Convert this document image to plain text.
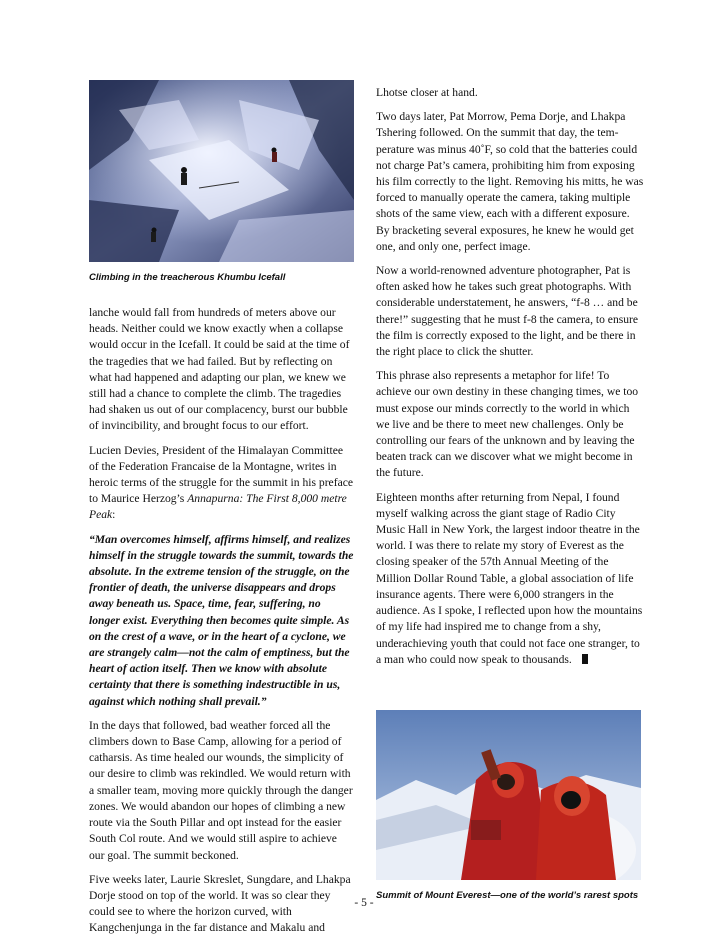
Climbing in the treacherous Khumbu Icefall

lanche would fall from hundreds of meters above our heads. Neither could we know exactly when a collapse would occur in the Icefall. It could be said at the time of the tragedies that we had failed. But by reflecting on what had happened and adapting our plan, we knew we still had a chance to complete the climb. The tragedies had shaken us out of our complacency, burst our bubble of invincibility, and brought focus to our effort.

Lucien Devies, President of the Himalayan Committee of the Federation Francaise de la Montagne, writes in heroic terms of the struggle for the summit in his preface to Maurice Herzog’s Annapurna: The First 8,000 metre Peak:

“Man overcomes himself, affirms himself, and realizes himself in the struggle towards the summit, towards the absolute. In the extreme tension of the struggle, on the frontier of death, the universe disappears and drops away beneath us. Space, time, fear, suffering, no longer exist. Everything then becomes quite simple. As on the crest of a wave, or in the heart of a cyclone, we are strangely calm—not the calm of emptiness, but the heart of action itself. Then we know with absolute certainty that there is something indestructible in us, against which nothing shall prevail.”

In the days that followed, bad weather forced all the climbers down to Base Camp, allowing for a period of catharsis. As time healed our wounds, the simplicity of our desire to climb was rekindled. We would return with a smaller team, moving more quickly through the danger zones. We would abandon our hopes of climbing a new route via the South Pillar and opt instead for the easier South Col route. And we would still aspire to achieve our goal. The summit beckoned.

Five weeks later, Laurie Skreslet, Sungdare, and Lhakpa Dorje stood on top of the world. It was so clear they could see to where the horizon curved, with Kangchenjunga in the far distance and Makalu and

Lhotse closer at hand.

Two days later, Pat Morrow, Pema Dorje, and Lhakpa Tshering followed. On the summit that day, the temperature was minus 40˚F, so cold that the batteries could not charge Pat’s camera, prohibiting him from exposing his film correctly to the light. Removing his mitts, he was forced to manually operate the camera, taking multiple shots of the same view, each with a different exposure. By bracketing several exposures, he knew he would get one, and only one, perfect image.

Now a world-renowned adventure photographer, Pat is often asked how he takes such great photographs. With considerable understatement, he answers, “f-8 … and be there!” suggesting that he must f-8 the camera, to ensure the film is correctly exposed to the light, and be there in the right place to click the shutter.

This phrase also represents a metaphor for life! To achieve our own destiny in these changing times, we too must expose our minds correctly to the world in which we live and be there to meet new challenges. Only be controlling our fears of the unknown and by leaving the beaten track can we discover what we might become in the future.

Eighteen months after returning from Nepal, I found myself walking across the giant stage of Radio City Music Hall in New York, the largest indoor theatre in the world. I was there to relate my story of Everest as the closing speaker of the 57th Annual Meeting of the Million Dollar Round Table, a global association of life insurance agents. There were 6,000 strangers in the audience. As I spoke, I reflected upon how the mountains of my life had inspired me to change from a shy, underachieving youth that could not face one stranger, to a man who could now speak to thousands.

Summit of Mount Everest—one of the world’s rarest spots
- 5 -
